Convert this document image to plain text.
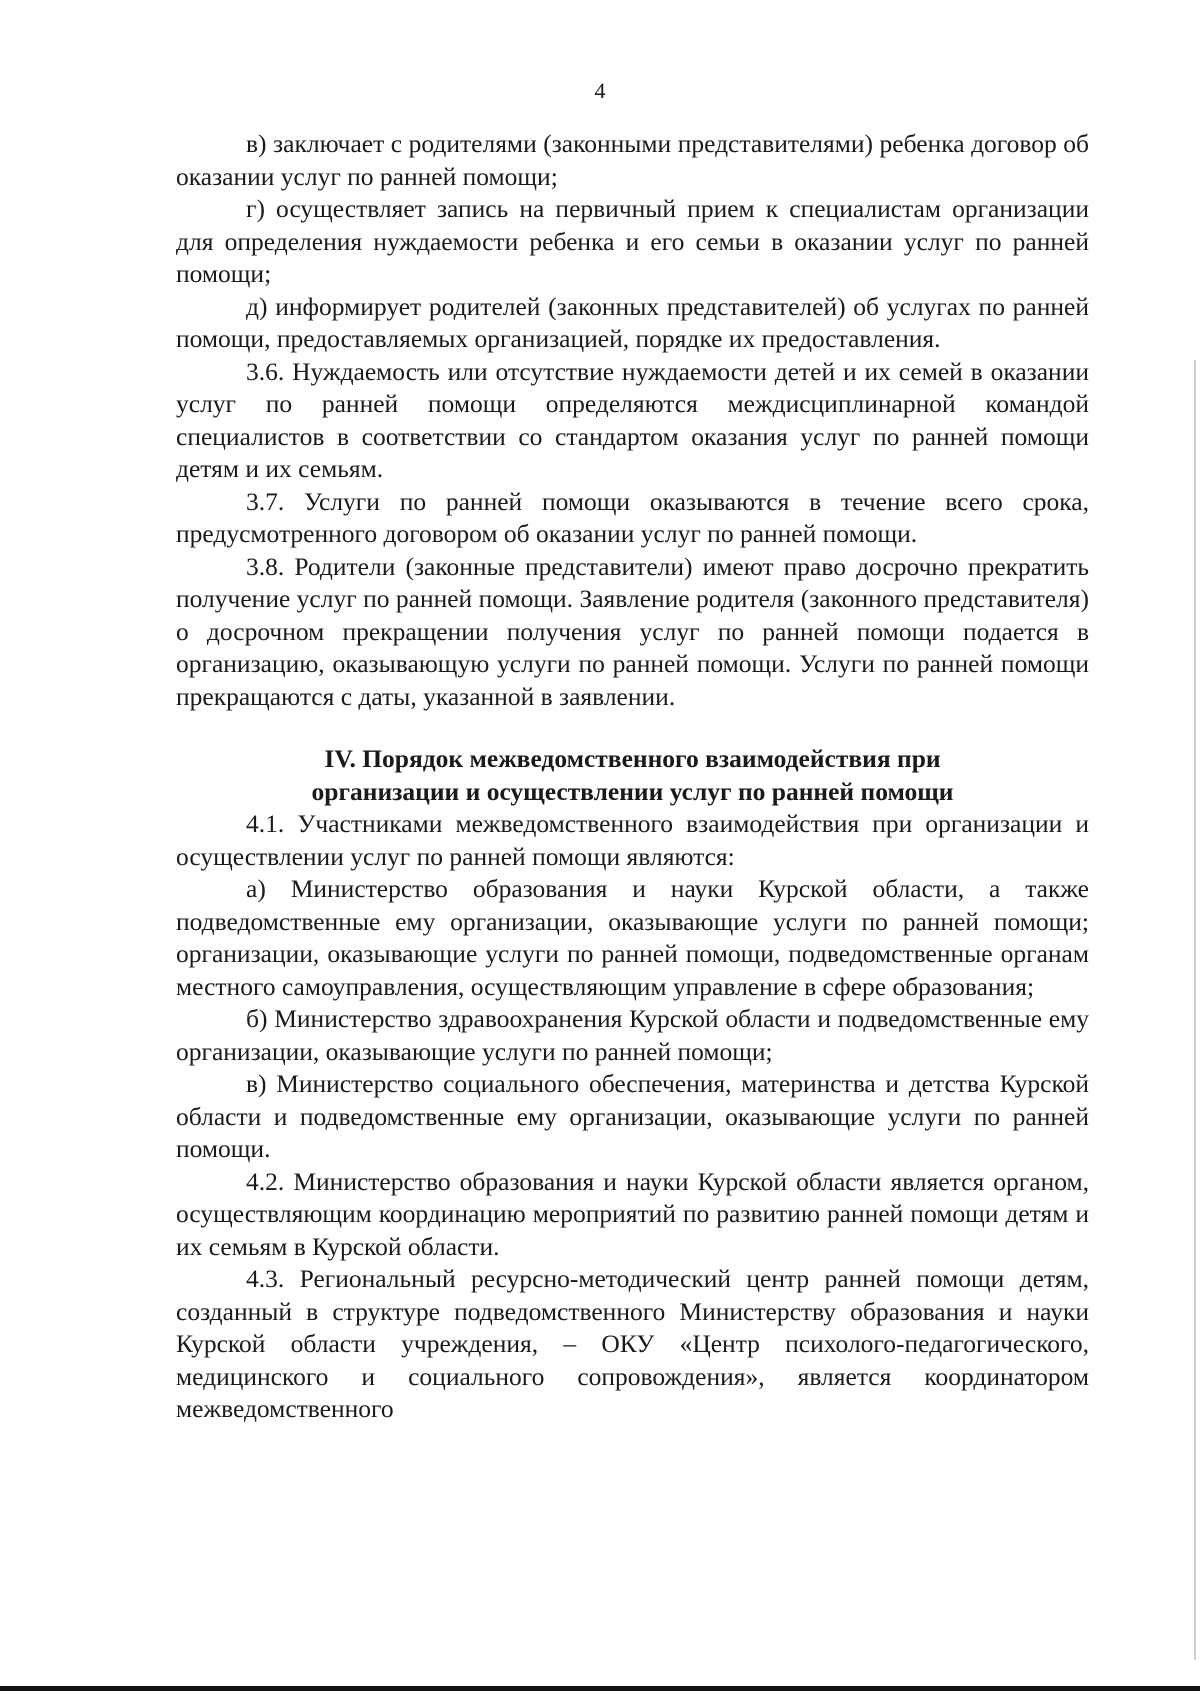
4

в) заключает с родителями (законными представителями) ребенка договор об оказании услуг по ранней помощи;

г) осуществляет запись на первичный прием к специалистам организации для определения нуждаемости ребенка и его семьи в оказании услуг по ранней помощи;

д) информирует родителей (законных представителей) об услугах по ранней помощи, предоставляемых организацией, порядке их предоставления.

3.6. Нуждаемость или отсутствие нуждаемости детей и их семей в оказании услуг по ранней помощи определяются междисциплинарной командой специалистов в соответствии со стандартом оказания услуг по ранней помощи детям и их семьям.

3.7. Услуги по ранней помощи оказываются в течение всего срока, предусмотренного договором об оказании услуг по ранней помощи.

3.8. Родители (законные представители) имеют право досрочно прекратить получение услуг по ранней помощи. Заявление родителя (законного представителя) о досрочном прекращении получения услуг по ранней помощи подается в организацию, оказывающую услуги по ранней помощи. Услуги по ранней помощи прекращаются с даты, указанной в заявлении.

IV. Порядок межведомственного взаимодействия при
организации и осуществлении услуг по ранней помощи

4.1. Участниками межведомственного взаимодействия при организации и осуществлении услуг по ранней помощи являются:

а) Министерство образования и науки Курской области, а также подведомственные ему организации, оказывающие услуги по ранней помощи; организации, оказывающие услуги по ранней помощи, подведомственные органам местного самоуправления, осуществляющим управление в сфере образования;

б) Министерство здравоохранения Курской области и подведомственные ему организации, оказывающие услуги по ранней помощи;

в) Министерство социального обеспечения, материнства и детства Курской области и подведомственные ему организации, оказывающие услуги по ранней помощи.

4.2. Министерство образования и науки Курской области является органом, осуществляющим координацию мероприятий по развитию ранней помощи детям и их семьям в Курской области.

4.3. Региональный ресурсно-методический центр ранней помощи детям, созданный в структуре подведомственного Министерству образования и науки Курской области учреждения, – ОКУ «Центр психолого-педагогического, медицинского и социального сопровождения», является координатором межведомственного
